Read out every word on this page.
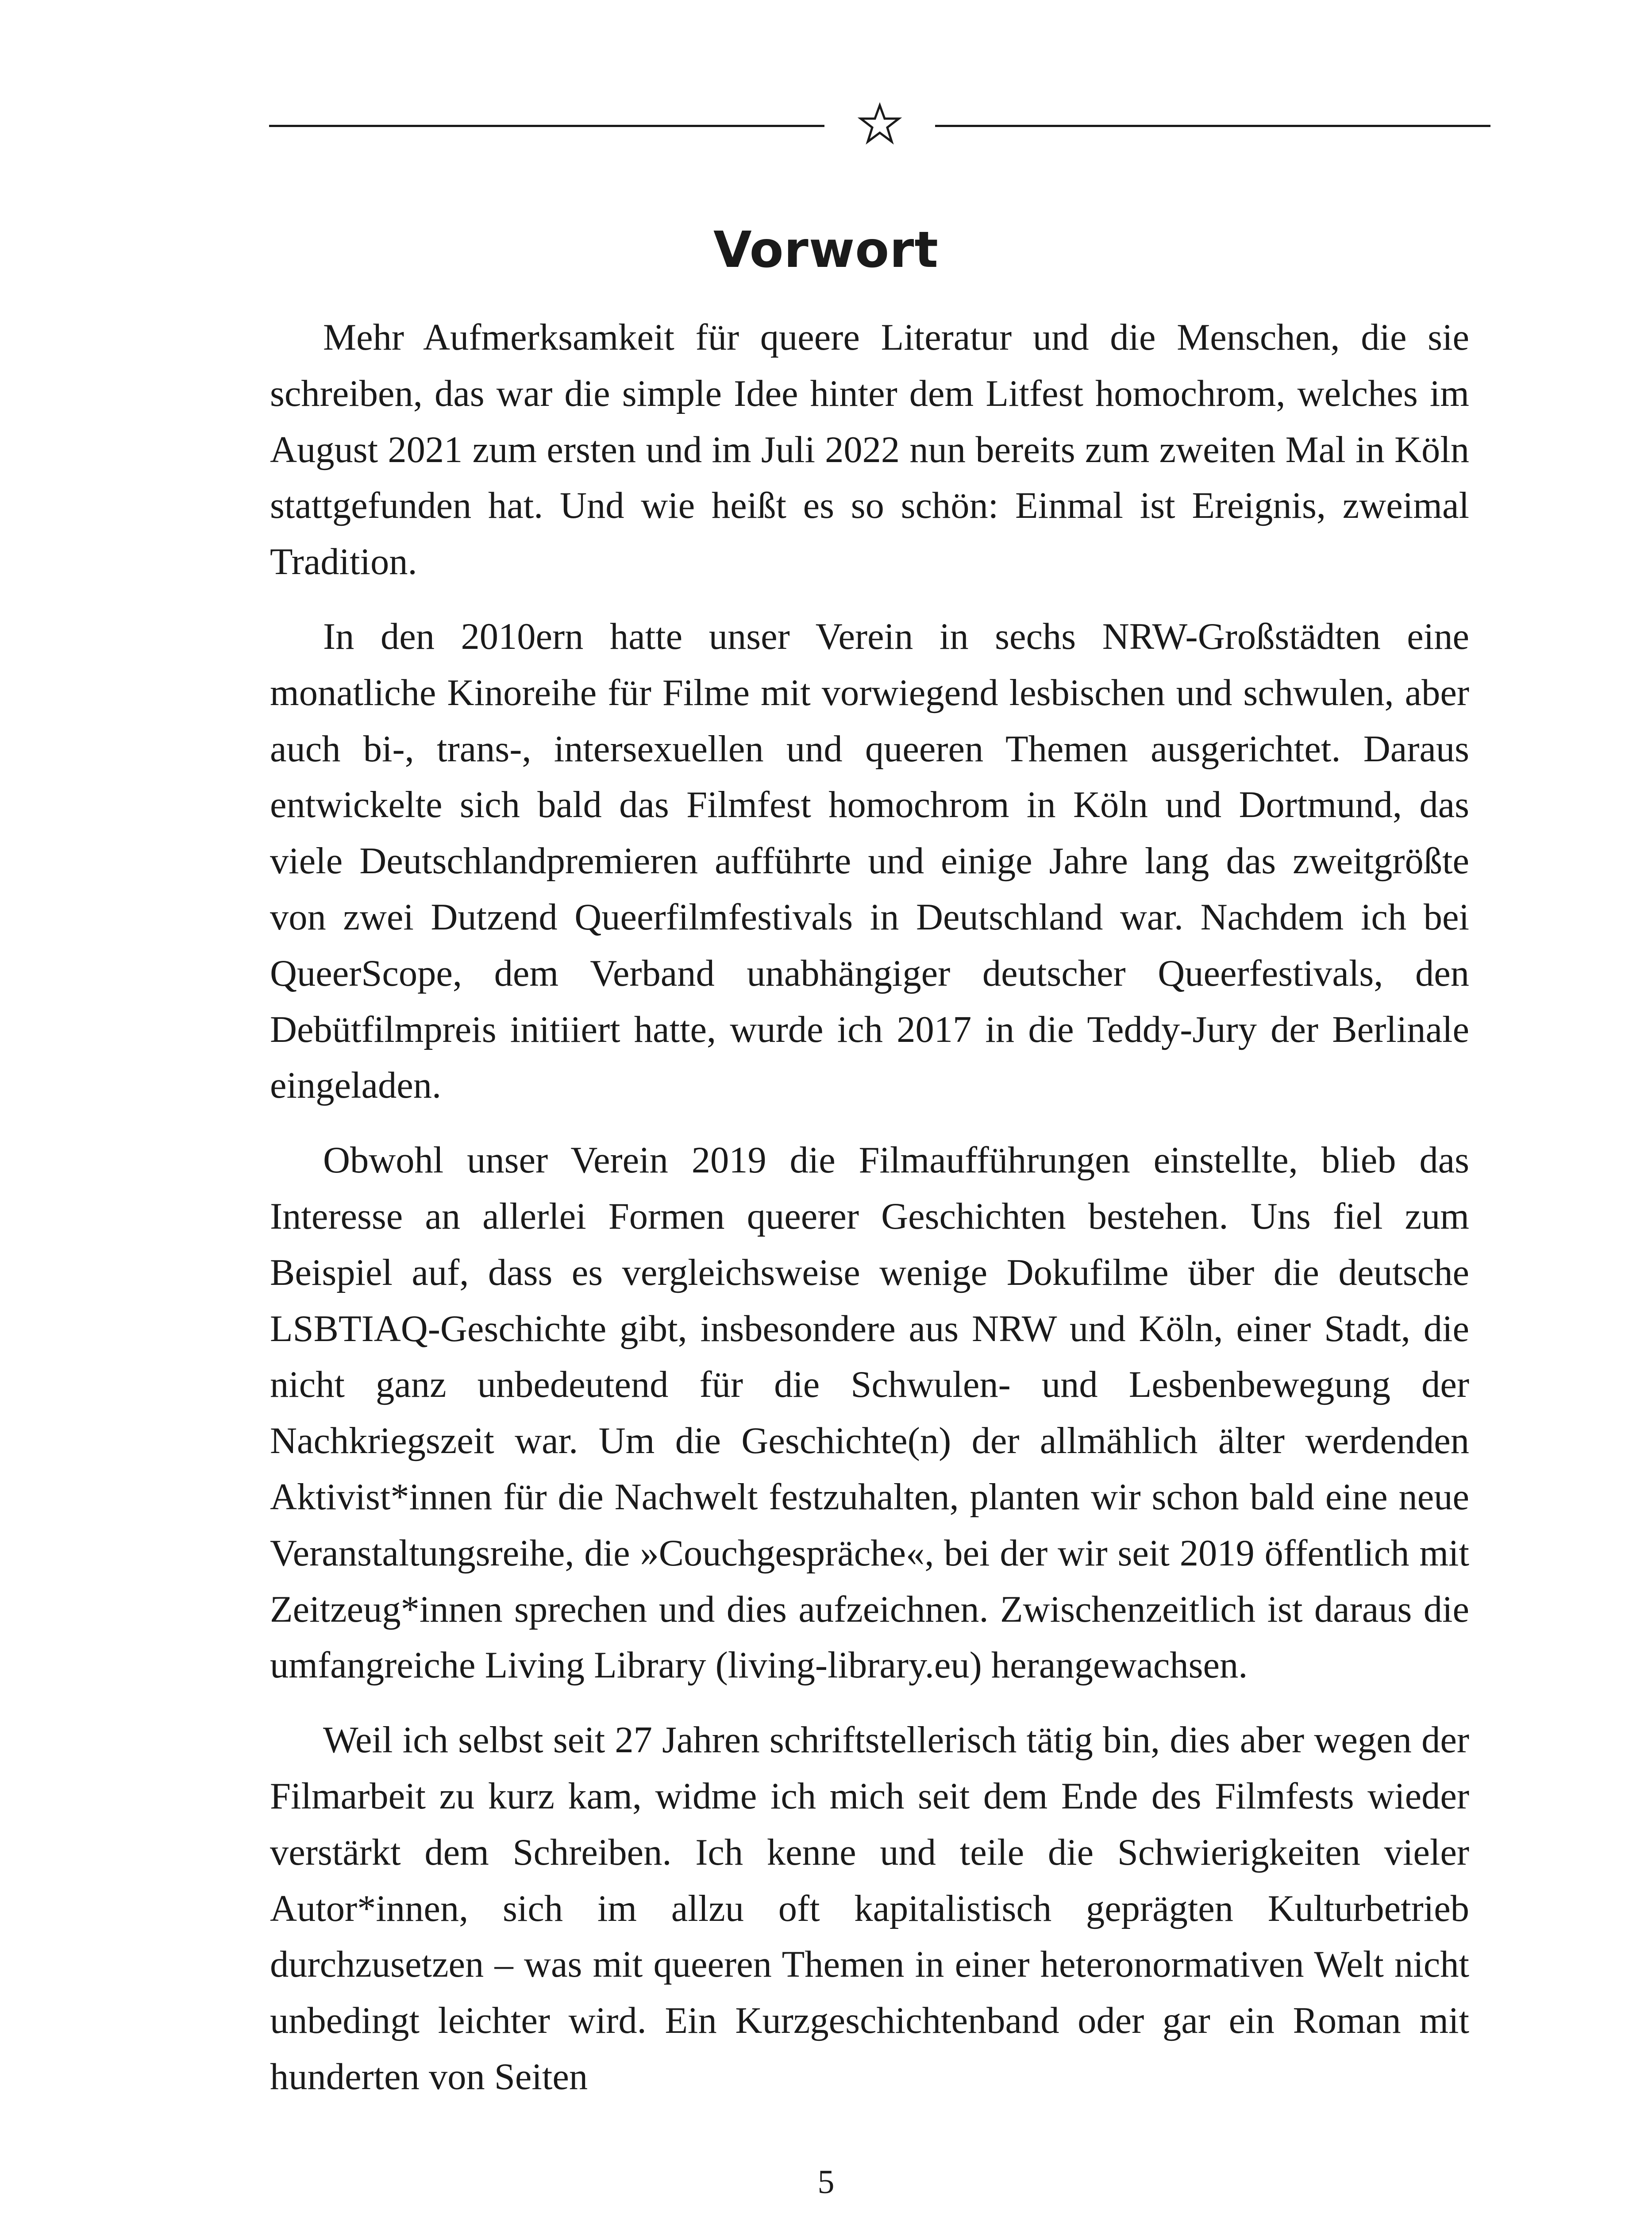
Vorwort

Mehr Aufmerksamkeit für queere Literatur und die Menschen, die sie schreiben, das war die simple Idee hinter dem Litfest homochrom, welches im August 2021 zum ersten und im Juli 2022 nun bereits zum zweiten Mal in Köln stattgefunden hat. Und wie heißt es so schön: Einmal ist Ereignis, zweimal Tradition.

In den 2010ern hatte unser Verein in sechs NRW-Großstädten eine monatliche Kinoreihe für Filme mit vorwiegend lesbischen und schwulen, aber auch bi-, trans-, intersexuellen und queeren Themen ausgerichtet. Daraus entwickelte sich bald das Filmfest homochrom in Köln und Dortmund, das viele Deutschlandpremieren aufführte und einige Jahre lang das zweitgrößte von zwei Dutzend Queerfilmfestivals in Deutschland war. Nachdem ich bei QueerScope, dem Verband unabhängiger deutscher Queerfestivals, den Debütfilmpreis initiiert hatte, wurde ich 2017 in die Teddy-Jury der Berlinale eingeladen.

Obwohl unser Verein 2019 die Filmaufführungen einstellte, blieb das Interesse an allerlei Formen queerer Geschichten bestehen. Uns fiel zum Beispiel auf, dass es vergleichsweise wenige Dokufilme über die deutsche LSBTIAQ-Geschichte gibt, insbesondere aus NRW und Köln, einer Stadt, die nicht ganz unbedeutend für die Schwulen- und Lesbenbewegung der Nachkriegszeit war. Um die Geschichte(n) der allmählich älter werdenden Aktivist*innen für die Nachwelt festzuhalten, planten wir schon bald eine neue Veranstaltungsreihe, die »Couchgespräche«, bei der wir seit 2019 öffentlich mit Zeitzeug*innen sprechen und dies aufzeichnen. Zwischenzeitlich ist daraus die umfangreiche Living Library (living-library.eu) herangewachsen.

Weil ich selbst seit 27 Jahren schriftstellerisch tätig bin, dies aber wegen der Filmarbeit zu kurz kam, widme ich mich seit dem Ende des Filmfests wieder verstärkt dem Schreiben. Ich kenne und teile die Schwierigkeiten vieler Autor*innen, sich im allzu oft kapitalistisch geprägten Kulturbetrieb durchzusetzen – was mit queeren Themen in einer heteronormativen Welt nicht unbedingt leichter wird. Ein Kurzgeschichtenband oder gar ein Roman mit hunderten von Seiten

5
